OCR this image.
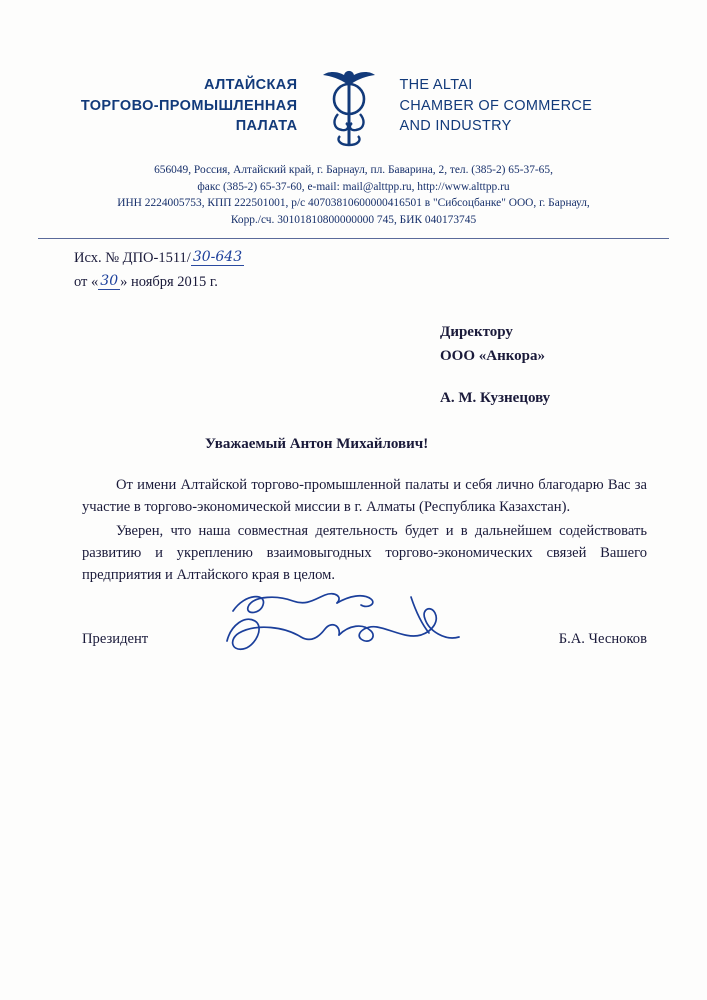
АЛТАЙСКАЯ
ТОРГОВО-ПРОМЫШЛЕННАЯ
ПАЛАТА
THE ALTAI
CHAMBER OF COMMERCE
AND INDUSTRY
656049, Россия, Алтайский край, г. Барнаул, пл. Баварина, 2, тел. (385-2) 65-37-65,
факс (385-2) 65-37-60, e-mail: mail@alttpp.ru, http://www.alttpp.ru
ИНН 2224005753, КПП 222501001, р/с 40703810600000416501 в "Сибсоцбанке" ООО, г. Барнаул,
Корр./сч. 30101810800000000 745, БИК 040173745
Исх. № ДПО-1511/ 30-643
от « 30 » ноября 2015 г.
Директору
ООО «Анкора»
А. М. Кузнецову
Уважаемый Антон Михайлович!

От имени Алтайской торгово-промышленной палаты и себя лично благодарю Вас за участие в торгово-экономической миссии в г. Алматы (Республика Казахстан).

Уверен, что наша совместная деятельность будет и в дальнейшем содействовать развитию и укреплению взаимовыгодных торгово-экономических связей Вашего предприятия и Алтайского края в целом.

Президент	Б.А. Чесноков
